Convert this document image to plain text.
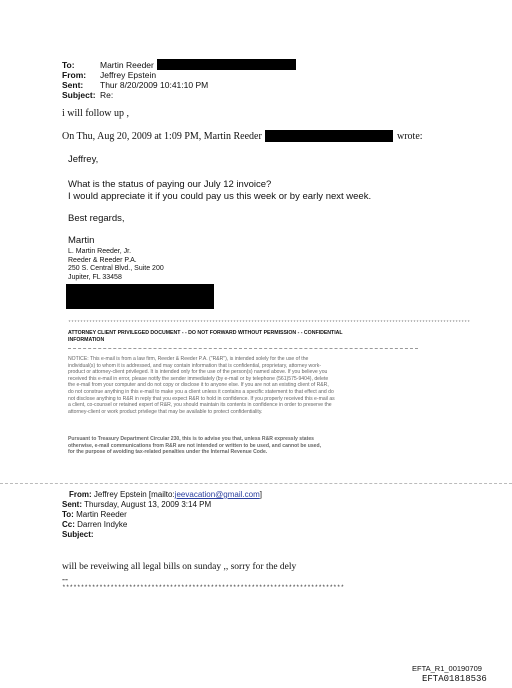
To:	Martin Reeder
From: Jeffrey Epstein
Sent: Thur 8/20/2009 10:41:10 PM
Subject: Re:
i will follow up ,
On Thu, Aug 20, 2009 at 1:09 PM, Martin Reeder	wrote:
Jeffrey,
What is the status of paying our July 12 invoice?
I would appreciate it if you could pay us this week or by early next week.
Best regards,
Martin
L. Martin Reeder, Jr.
Reeder & Reeder P.A.
250 S. Central Blvd., Suite 200
Jupiter, FL 33458
**************************************************************************************************************************************
ATTORNEY CLIENT PRIVILEGED DOCUMENT - - DO NOT FORWARD WITHOUT PERMISSION - - CONFIDENTIAL
INFORMATION
NOTICE: This e-mail is from a law firm, Reeder & Reeder P.A. ("R&R"), is intended solely for the use of the
individual(s) to whom it is addressed, and may contain information that is confidential, proprietary, attorney work-
product or attorney-client privileged. It is intended only for the use of the person(s) named above. If you believe you
received this e-mail in error, please notify the sender immediately (by e-mail or by telephone (561)575-9404), delete
the e-mail from your computer and do not copy or disclose it to anyone else. If you are not an existing client of R&R,
do not construe anything in this e-mail to make you a client unless it contains a specific statement to that effect and do
not disclose anything to R&R in reply that you expect R&R to hold in confidence. If you properly received this e-mail as
a client, co-counsel or retained expert of R&R, you should maintain its contents in confidence in order to preserve the
attorney-client or work product privilege that may be available to protect confidentiality.
Pursuant to Treasury Department Circular 230, this is to advise you that, unless R&R expressly states
otherwise, e-mail communications from R&R are not intended or written to be used, and cannot be used,
for the purpose of avoiding tax-related penalties under the Internal Revenue Code.
From: Jeffrey Epstein [mailto:jeevacation@gmail.com]
Sent: Thursday, August 13, 2009 3:14 PM
To: Martin Reeder
Cc: Darren Indyke
Subject:
will be reveiwing all legal bills on sunday ,, sorry for the dely
--
****************************************************************************
EFTA_R1_00190709
EFTA01818536
